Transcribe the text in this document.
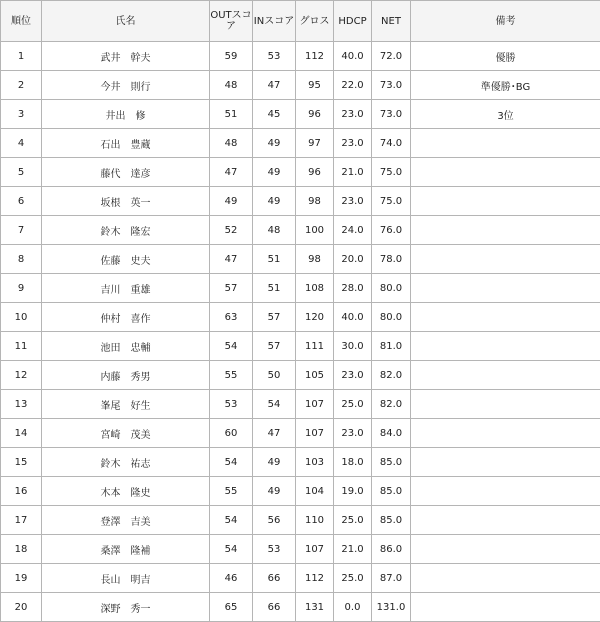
順位	氏名	OUTスコア	INスコア	グロス	HDCP	NET	備考
1	武井　幹夫	59	53	112	40.0	72.0	優勝
2	今井　則行	48	47	95	22.0	73.0	準優勝･BG
3	井出　修	51	45	96	23.0	73.0	3位
4	石出　豊蔵	48	49	97	23.0	74.0	
5	藤代　達彦	47	49	96	21.0	75.0	
6	坂根　英一	49	49	98	23.0	75.0	
7	鈴木　隆宏	52	48	100	24.0	76.0	
8	佐藤　史夫	47	51	98	20.0	78.0	
9	吉川　重雄	57	51	108	28.0	80.0	
10	仲村　喜作	63	57	120	40.0	80.0	
11	池田　忠輔	54	57	111	30.0	81.0	
12	内藤　秀男	55	50	105	23.0	82.0	
13	峯尾　好生	53	54	107	25.0	82.0	
14	宮崎　茂美	60	47	107	23.0	84.0	
15	鈴木　祐志	54	49	103	18.0	85.0	
16	木本　隆史	55	49	104	19.0	85.0	
17	登澤　吉美	54	56	110	25.0	85.0	
18	桑澤　隆補	54	53	107	21.0	86.0	
19	長山　明吉	46	66	112	25.0	87.0	
20	深野　秀一	65	66	131	0.0	131.0	
